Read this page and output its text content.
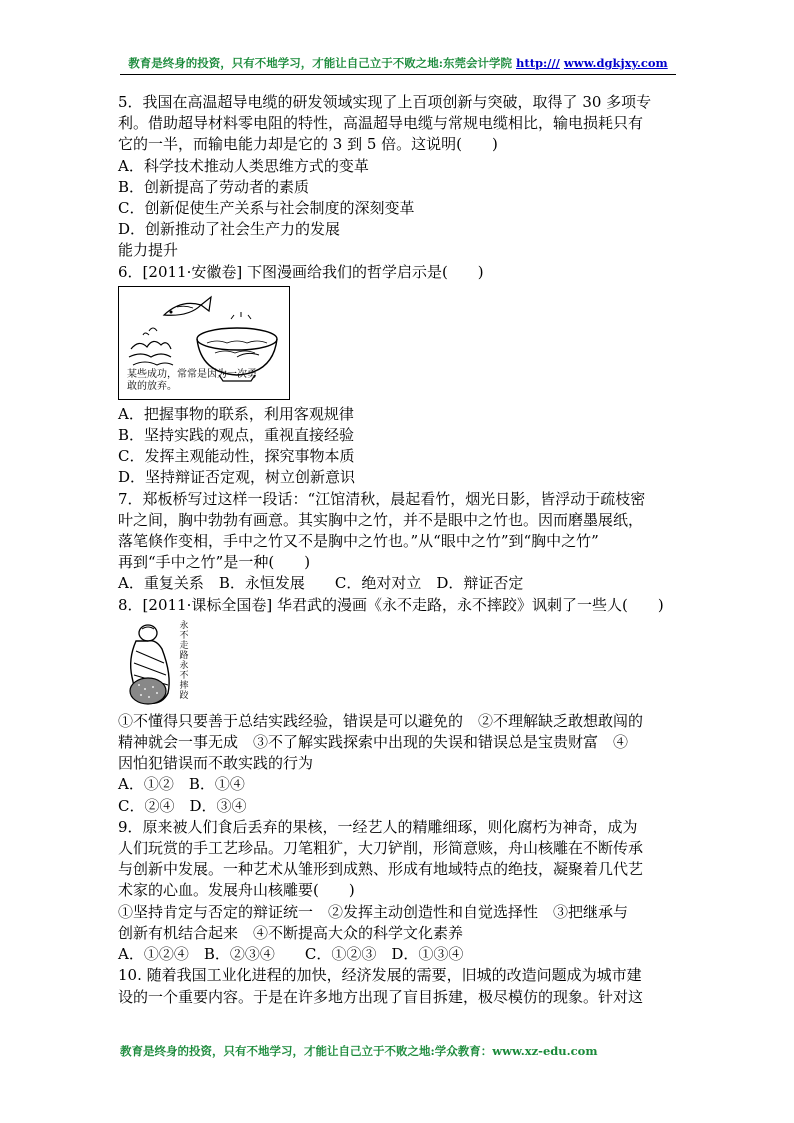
教育是终身的投资，只有不地学习，才能让自己立于不败之地:东莞会计学院 http:/// www.dgkjxy.com

5．我国在高温超导电缆的研发领域实现了上百项创新与突破，取得了 30 多项专

利。借助超导材料零电阻的特性，高温超导电缆与常规电缆相比，输电损耗只有

它的一半，而输电能力却是它的 3 到 5 倍。这说明(　　)

A．科学技术推动人类思维方式的变革

B．创新提高了劳动者的素质

C．创新促使生产关系与社会制度的深刻变革

D．创新推动了社会生产力的发展

能力提升

6．[2011·安徽卷] 下图漫画给我们的哲学启示是(　　)

某些成功，常常是因为一次勇
敢的放弃。

A．把握事物的联系，利用客观规律

B．坚持实践的观点，重视直接经验

C．发挥主观能动性，探究事物本质

D．坚持辩证否定观，树立创新意识

7．郑板桥写过这样一段话：“江馆清秋，晨起看竹，烟光日影，皆浮动于疏枝密

叶之间，胸中勃勃有画意。其实胸中之竹，并不是眼中之竹也。因而磨墨展纸，

落笔倏作变相，手中之竹又不是胸中之竹也。”从“眼中之竹”到“胸中之竹”

再到“手中之竹”是一种(　　)

A．重复关系　B．永恒发展　　C．绝对对立　D．辩证否定

8．[2011·课标全国卷] 华君武的漫画《永不走路，永不摔跤》讽刺了一些人(　　)

永
不
走
路
永
不
摔
跤

①不懂得只要善于总结实践经验，错误是可以避免的　②不理解缺乏敢想敢闯的

精神就会一事无成　③不了解实践探索中出现的失误和错误总是宝贵财富　④

因怕犯错误而不敢实践的行为

A．①②　B．①④

C．②④　D．③④

9．原来被人们食后丢弃的果核，一经艺人的精雕细琢，则化腐朽为神奇，成为

人们玩赏的手工艺珍品。刀笔粗犷，大刀铲削，形简意赅，舟山核雕在不断传承

与创新中发展。一种艺术从雏形到成熟、形成有地域特点的绝技，凝聚着几代艺

术家的心血。发展舟山核雕要(　　)

①坚持肯定与否定的辩证统一　②发挥主动创造性和自觉选择性　③把继承与

创新有机结合起来　④不断提高大众的科学文化素养

A．①②④　B．②③④　　C．①②③　D．①③④

10. 随着我国工业化进程的加快，经济发展的需要，旧城的改造问题成为城市建

设的一个重要内容。于是在许多地方出现了盲目拆建，极尽模仿的现象。针对这

教育是终身的投资，只有不地学习，才能让自己立于不败之地:学众教育：www.xz-edu.com
